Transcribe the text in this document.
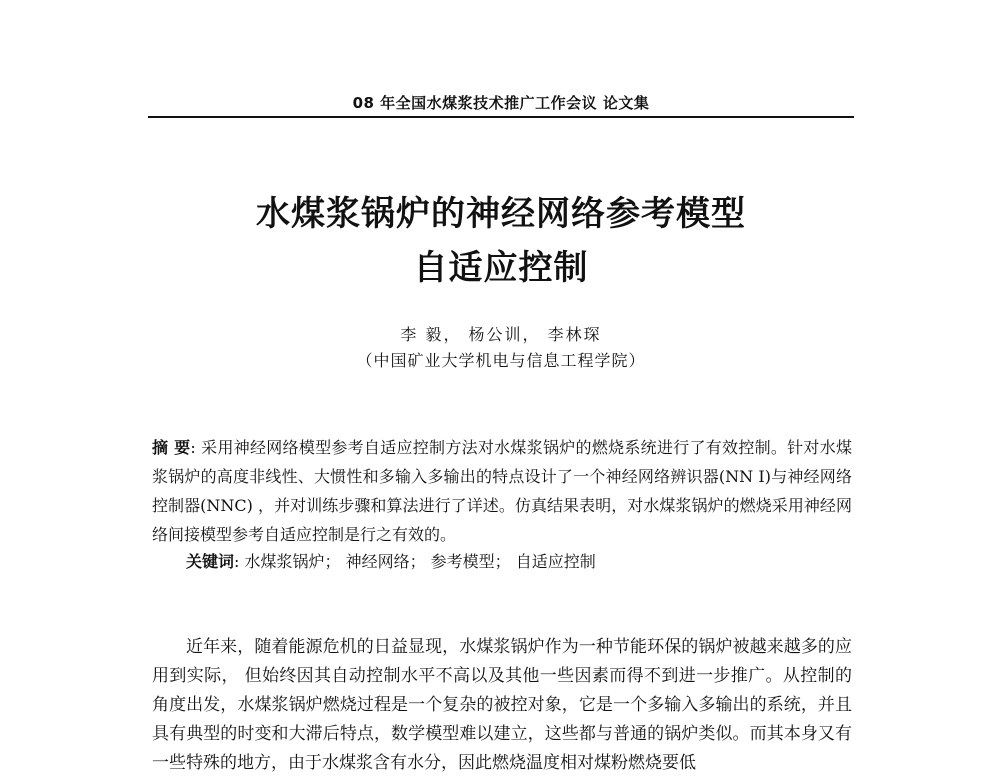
08 年全国水煤浆技术推广工作会议 论文集
水煤浆锅炉的神经网络参考模型
自适应控制
李 毅， 杨公训， 李林琛
（中国矿业大学机电与信息工程学院）
摘 要: 采用神经网络模型参考自适应控制方法对水煤浆锅炉的燃烧系统进行了有效控制。针对水煤浆锅炉的高度非线性、大惯性和多输入多输出的特点设计了一个神经网络辨识器(NN I)与神经网络控制器(NNC) ，并对训练步骤和算法进行了详述。仿真结果表明，对水煤浆锅炉的燃烧采用神经网络间接模型参考自适应控制是行之有效的。
关键词: 水煤浆锅炉； 神经网络； 参考模型； 自适应控制
近年来，随着能源危机的日益显现，水煤浆锅炉作为一种节能环保的锅炉被越来越多的应用到实际， 但始终因其自动控制水平不高以及其他一些因素而得不到进一步推广。从控制的角度出发，水煤浆锅炉燃烧过程是一个复杂的被控对象，它是一个多输入多输出的系统，并且具有典型的时变和大滞后特点，数学模型难以建立，这些都与普通的锅炉类似。而其本身又有一些特殊的地方，由于水煤浆含有水分，因此燃烧温度相对煤粉燃烧要低
